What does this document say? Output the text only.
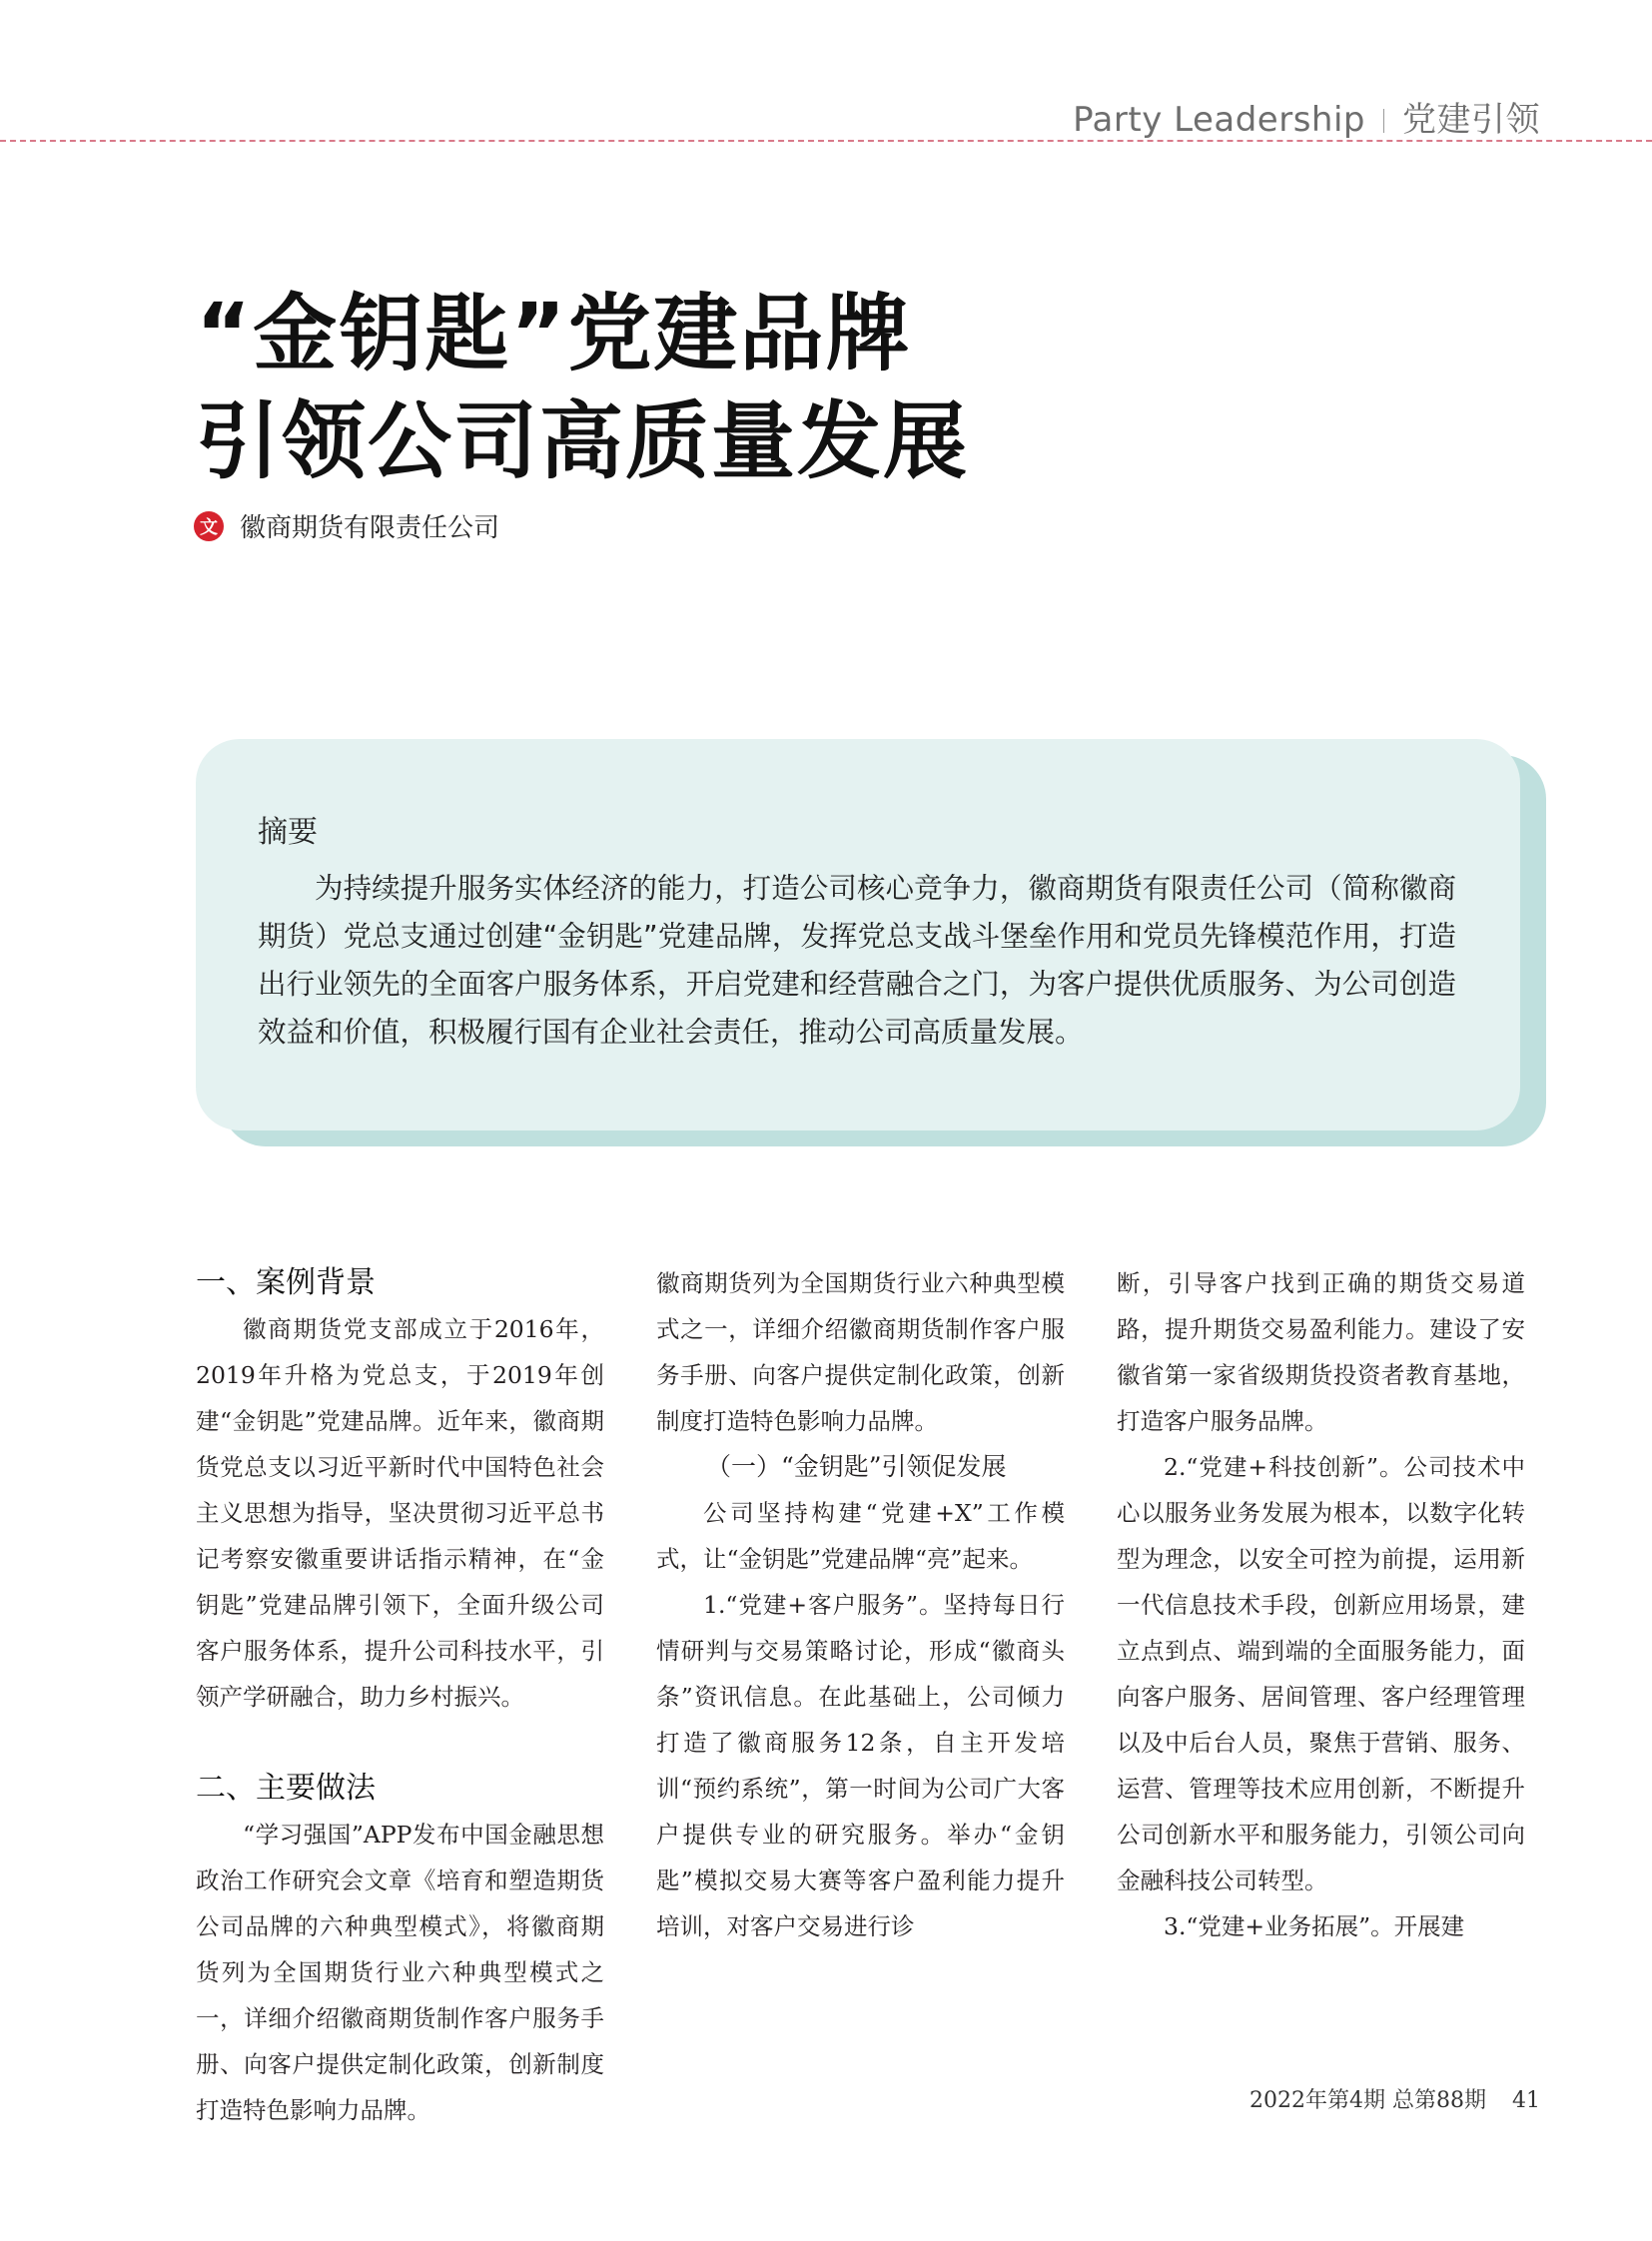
Party Leadership 党建引领
“金钥匙”党建品牌
引领公司高质量发展
文 徽商期货有限责任公司

摘要

为持续提升服务实体经济的能力，打造公司核心竞争力，徽商期货有限责任公司（简称徽商期货）党总支通过创建“金钥匙”党建品牌，发挥党总支战斗堡垒作用和党员先锋模范作用，打造出行业领先的全面客户服务体系，开启党建和经营融合之门，为客户提供优质服务、为公司创造效益和价值，积极履行国有企业社会责任，推动公司高质量发展。

一、案例背景

徽商期货党支部成立于2016年，2019年升格为党总支，于2019年创建“金钥匙”党建品牌。近年来，徽商期货党总支以习近平新时代中国特色社会主义思想为指导，坚决贯彻习近平总书记考察安徽重要讲话指示精神，在“金钥匙”党建品牌引领下，全面升级公司客户服务体系，提升公司科技水平，引领产学研融合，助力乡村振兴。

二、主要做法

“学习强国”APP发布中国金融思想政治工作研究会文章《培育和塑造期货公司品牌的六种典型模式》，将徽商期货列为全国期货行业六种典型模式之一，详细介绍徽商期货制作客户服务手册、向客户提供定制化政策，创新制度打造特色影响力品牌。

徽商期货列为全国期货行业六种典型模式之一，详细介绍徽商期货制作客户服务手册、向客户提供定制化政策，创新制度打造特色影响力品牌。

（一）“金钥匙”引领促发展

公司坚持构建“党建+X”工作模式，让“金钥匙”党建品牌“亮”起来。

1.“党建+客户服务”。坚持每日行情研判与交易策略讨论，形成“徽商头条”资讯信息。在此基础上，公司倾力打造了徽商服务12条，自主开发培训“预约系统”，第一时间为公司广大客户提供专业的研究服务。举办“金钥匙”模拟交易大赛等客户盈利能力提升培训，对客户交易进行诊

断，引导客户找到正确的期货交易道路，提升期货交易盈利能力。建设了安徽省第一家省级期货投资者教育基地，打造客户服务品牌。

2.“党建+科技创新”。公司技术中心以服务业务发展为根本，以数字化转型为理念，以安全可控为前提，运用新一代信息技术手段，创新应用场景，建立点到点、端到端的全面服务能力，面向客户服务、居间管理、客户经理管理以及中后台人员，聚焦于营销、服务、运营、管理等技术应用创新，不断提升公司创新水平和服务能力，引领公司向金融科技公司转型。

3.“党建+业务拓展”。开展建

2022年第4期 总第88期 41
